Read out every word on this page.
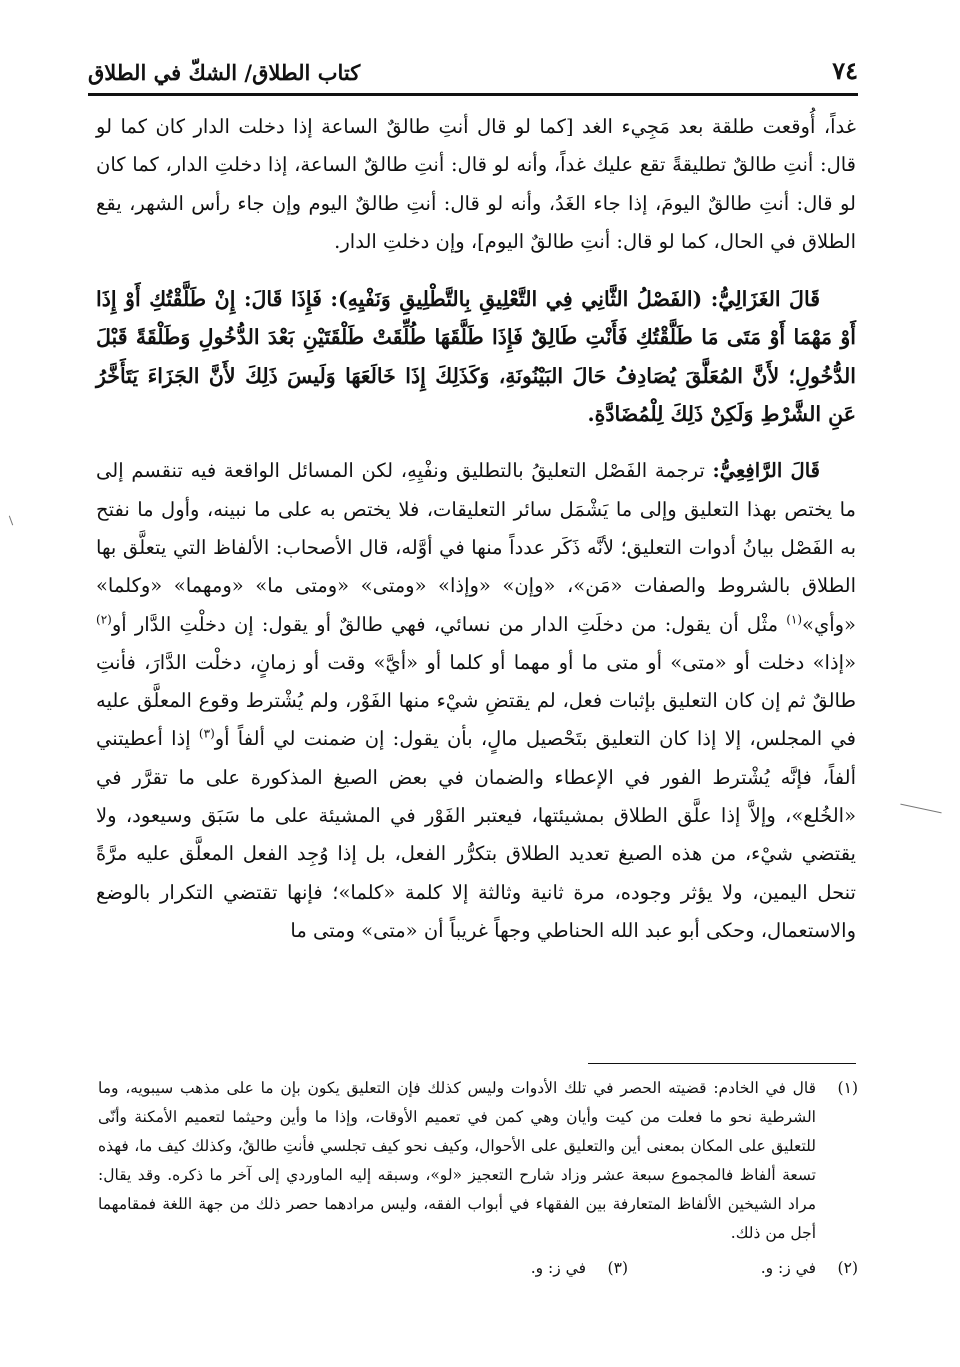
٧٤
كتاب الطلاق/ الشكّ في الطلاق

غداً، أُوقعت طلقة بعد مَجِيء الغد [كما لو قال أنتِ طالقٌ الساعة إذا دخلت الدار كان كما لو قال: أنتِ طالقٌ تطليقةً تقع عليك غداً، وأنه لو قال: أنتِ طالقٌ الساعة، إذا دخلتِ الدار، كما كان لو قال: أنتِ طالقٌ اليومَ، إذا جاء الغَدُ، وأنه لو قال: أنتِ طالقٌ اليوم وإن جاء رأس الشهر، يقع الطلاق في الحال، كما لو قال: أنتِ طالقٌ اليوم]، وإن دخلتِ الدار.

قَالَ الغَزَالِيُّ: (الفَصْلُ الثَّانِي فِي التَّعْلِيقِ بِالتَّطْلِيقِ وَنَفْيِهِ): فَإِذَا قَالَ: إِنْ طَلَّقْتُكِ أَوْ إِذَا أَوْ مَهْمَا أَوْ مَتَى مَا طَلَّقْتُكِ فَأَنْتِ طَالِقٌ فَإِذَا طَلَّقَهَا طُلِّقَتْ طَلْقَتَيْنِ بَعْدَ الدُّخُولِ وَطَلْقَةً قَبْلَ الدُّخُولِ؛ لأَنَّ المُعَلَّقَ يُصَادِفُ حَالَ البَيْنُونَةِ، وَكَذَلِكَ إِذَا خَالَعَهَا وَلَيسَ ذَلِكَ لأَنَّ الجَزَاءَ يَتَأَخَّرُ عَنِ الشَّرْطِ وَلَكِنْ ذَلِكَ لِلْمُضَادَّةِ.

قَالَ الرَّافِعِيُّ: ترجمة الفَصْل التعليقُ بالتطليق ونفْيِهِ، لكن المسائل الواقعة فيه تنقسم إلى ما يختص بهذا التعليق وإلى ما يَشْمَل سائر التعليقات، فلا يختص به على ما نبينه، وأول ما نفتح به الفَصْل بيانُ أدوات التعليق؛ لأنَّه ذَكَر عدداً منها في أوَّله، قال الأصحاب: الألفاظ التي يتعلَّق بها الطلاق بالشروط والصفات «مَن»، «وإن» «وإذا» «ومتى» «ومتى ما» «ومهما» «وكلما» «وأي»$^{(١)}$ مثْل أن يقول: من دخلَتِ الدار من نسائي، فهي طالقٌ أو يقول: إن دخلْتِ الدَّار أو$^{(٢)}$ «إذا» دخلت أو «متى» أو متى ما أو مهما أو كلما أو «أيَّ» وقت أو زمانٍ، دخلْت الدَّارَ، فأنتِ طالقٌ ثم إن كان التعليق بإثبات فعل، لم يقتضِ شيْء منها الفَوْر، ولم يُشْترط وقوع المعلَّق عليه في المجلس، إلا إذا كان التعليق بتَحْصيل مالٍ، بأن يقول: إن ضمنت لي ألفاً أو$^{(٣)}$ إذا أعطيتني ألفاً، فإنَّه يُشْترط الفور في الإعطاء والضمان في بعض الصيغ المذكورة على ما تقرَّر في «الخُلع»، وإلاَّ إذا علَّق الطلاق بمشيئتها، فيعتبر الفَوْر في المشيئة على ما سَبَق وسيعود، ولا يقتضي شيْء، من هذه الصيغ تعديد الطلاق بتكرُّر الفعل، بل إذا وُجِد الفعل المعلَّق عليه مرَّةً تنحل اليمين، ولا يؤثر وجوده، مرة ثانية وثالثة إلا كلمة «كلما»؛ فإنها تقتضي التكرار بالوضع والاستعمال، وحكى أبو عبد الله الحناطي وجهاً غريباً أن «متى» ومتى ما

(١)
قال في الخادم: قضيته الحصر في تلك الأدوات وليس كذلك فإن التعليق يكون بإن ما على مذهب سيبويه، وما الشرطية نحو ما فعلت من كيت وأيان وهي كمن في تعميم الأوقات، وإذا ما وأين وحيثما لتعميم الأمكنة وأنّى للتعليق على المكان بمعنى أين والتعليق على الأحوال، وكيف نحو كيف تجلسي فأنتِ طالقٌ، وكذلك كيف ما، فهذه تسعة ألفاظ فالمجموع سبعة عشر وزاد شارح التعجيز «لو»، وسبقه إليه الماوردي إلى آخر ما ذكره. وقد يقال: مراد الشيخين الألفاظ المتعارفة بين الفقهاء في أبواب الفقه، وليس مرادهما حصر ذلك من جهة اللغة فمقامهما أجل من ذلك.
(٢)
في ز: و.
(٣)
في ز: و.
